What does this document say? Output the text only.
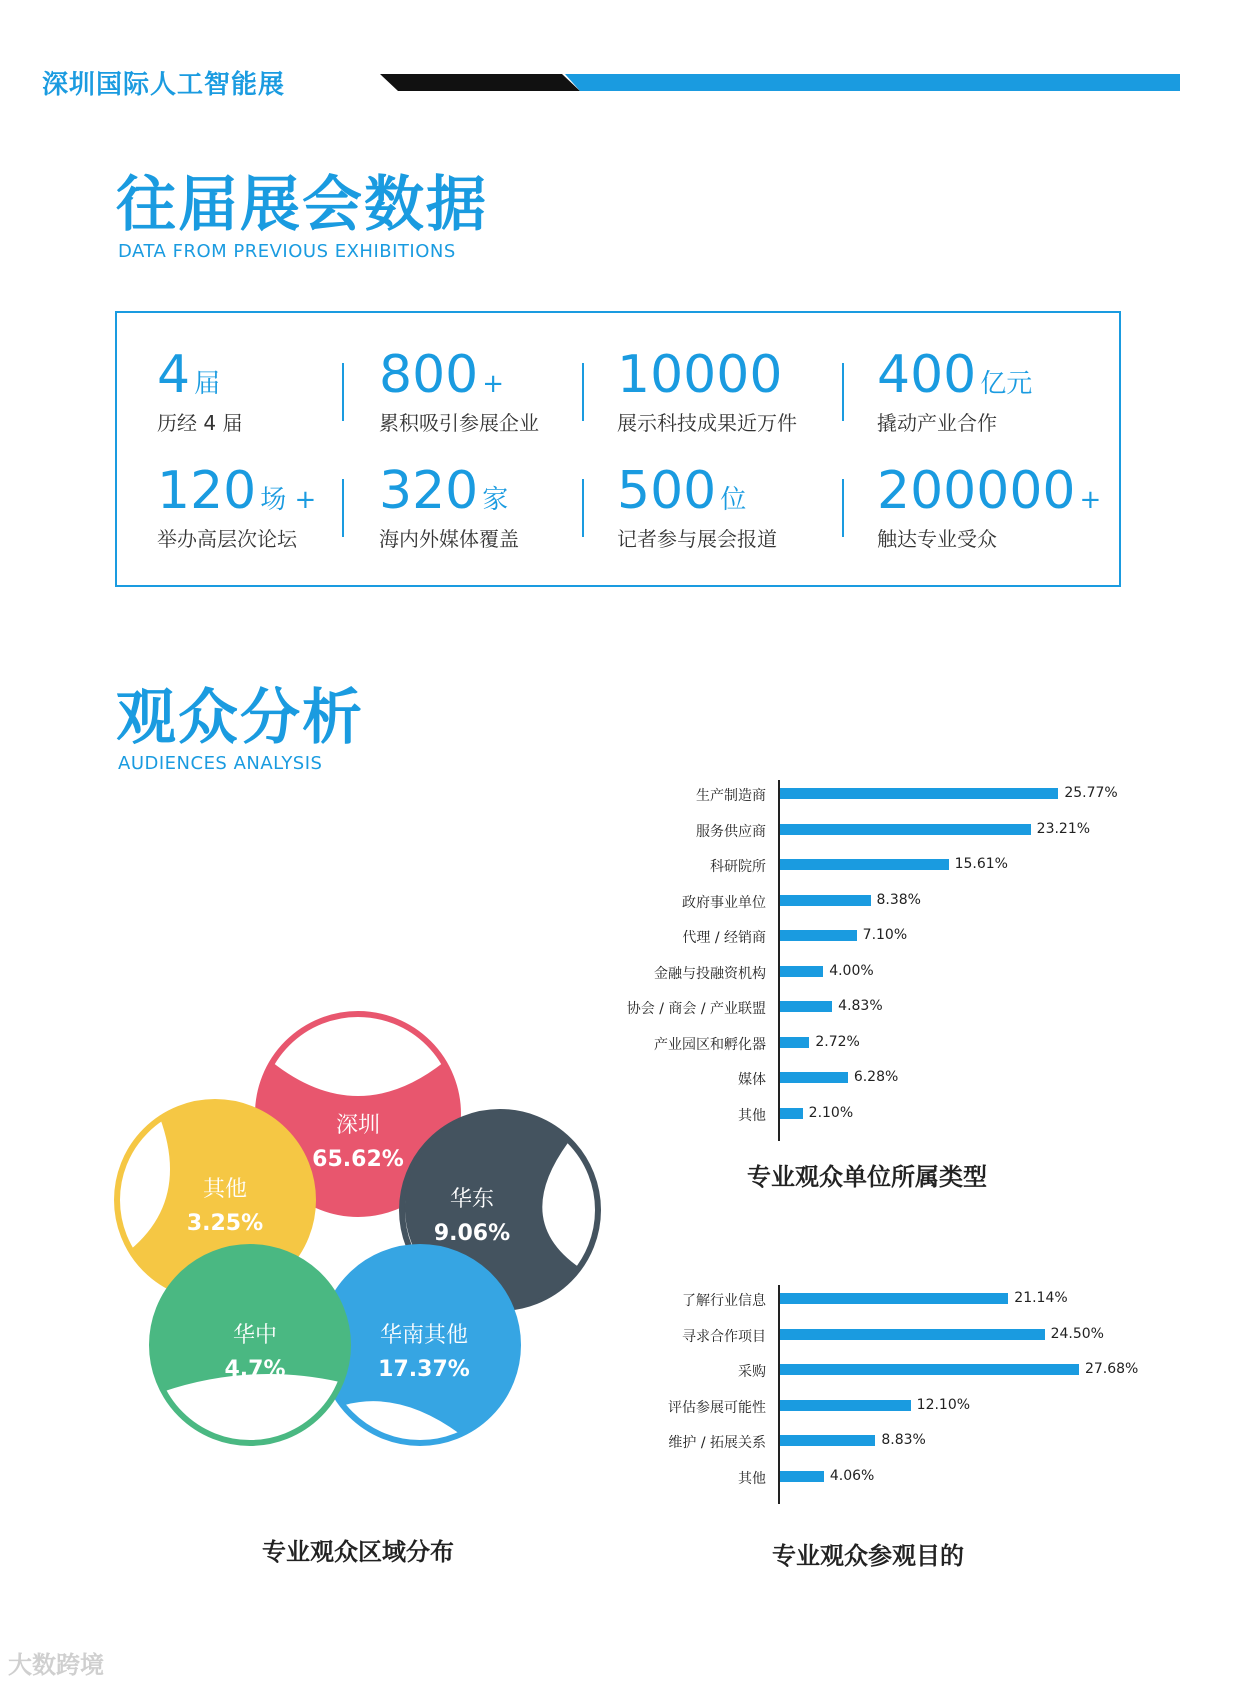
深圳国际人工智能展
往届展会数据
DATA FROM PREVIOUS EXHIBITIONS
4 届
历经 4 届
800 +
累积吸引参展企业
10000
展示科技成果近万件
400 亿元
撬动产业合作
120 场 +
举办高层次论坛
320 家
海内外媒体覆盖
500 位
记者参与展会报道
200000 +
触达专业受众
观众分析
AUDIENCES ANALYSIS
深圳
65.62%
华东
9.06%
其他
3.25%
华南其他
17.37%
华中
4.7%
专业观众区域分布
生产制造商	25.77%
服务供应商	23.21%
科研院所	15.61%
政府事业单位	8.38%
代理 / 经销商	7.10%
金融与投融资机构	4.00%
协会 / 商会 / 产业联盟	4.83%
产业园区和孵化器	2.72%
媒体	6.28%
其他	2.10%
专业观众单位所属类型
了解行业信息	21.14%
寻求合作项目	24.50%
采购	27.68%
评估参展可能性	12.10%
维护 / 拓展关系	8.83%
其他	4.06%
专业观众参观目的
大数跨境
